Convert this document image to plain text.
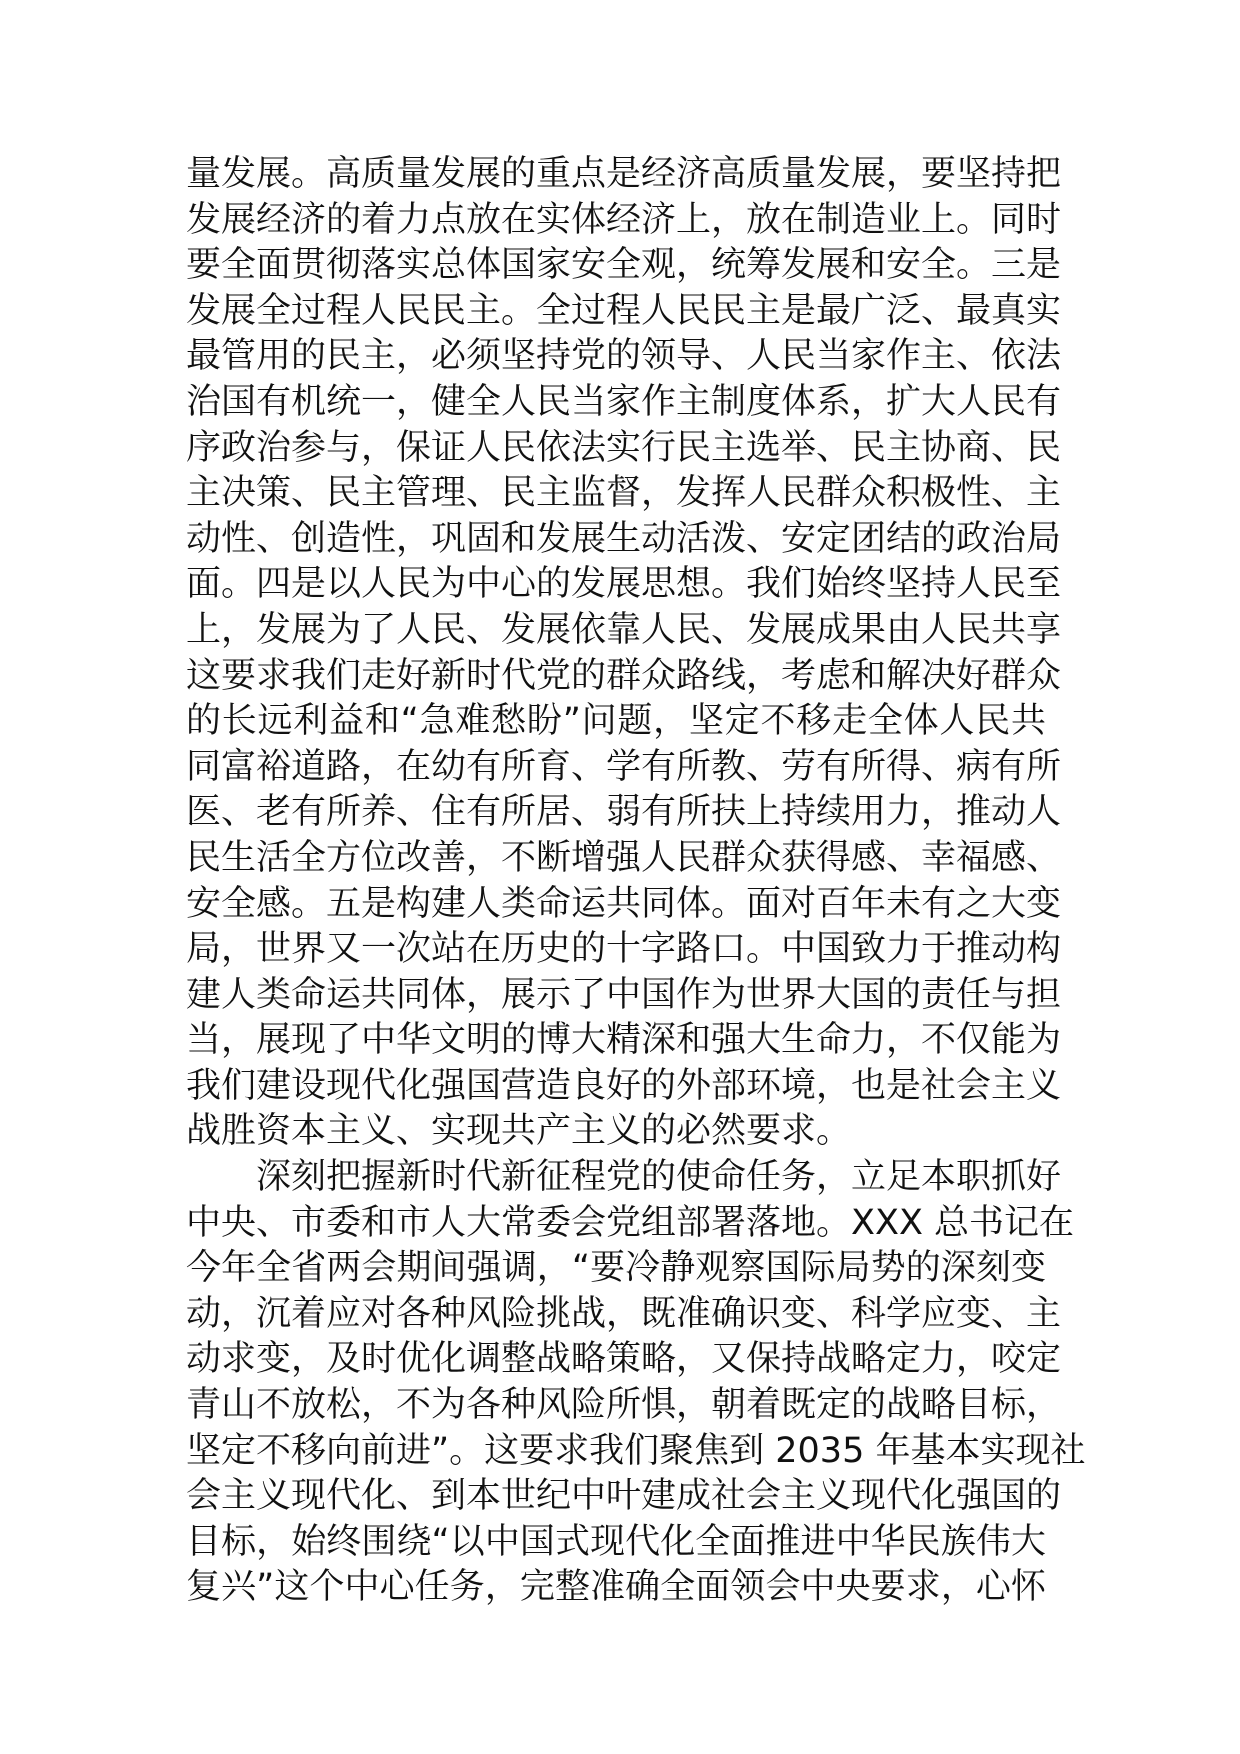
量发展。高质量发展的重点是经济高质量发展，要坚持把
发展经济的着力点放在实体经济上，放在制造业上。同时
要全面贯彻落实总体国家安全观，统筹发展和安全。三是
发展全过程人民民主。全过程人民民主是最广泛、最真实
最管用的民主，必须坚持党的领导、人民当家作主、依法
治国有机统一，健全人民当家作主制度体系，扩大人民有
序政治参与，保证人民依法实行民主选举、民主协商、民
主决策、民主管理、民主监督，发挥人民群众积极性、主
动性、创造性，巩固和发展生动活泼、安定团结的政治局
面。四是以人民为中心的发展思想。我们始终坚持人民至
上，发展为了人民、发展依靠人民、发展成果由人民共享
这要求我们走好新时代党的群众路线，考虑和解决好群众
的长远利益和“急难愁盼”问题，坚定不移走全体人民共
同富裕道路，在幼有所育、学有所教、劳有所得、病有所
医、老有所养、住有所居、弱有所扶上持续用力，推动人
民生活全方位改善，不断增强人民群众获得感、幸福感、
安全感。五是构建人类命运共同体。面对百年未有之大变
局，世界又一次站在历史的十字路口。中国致力于推动构
建人类命运共同体，展示了中国作为世界大国的责任与担
当，展现了中华文明的博大精深和强大生命力，不仅能为
我们建设现代化强国营造良好的外部环境，也是社会主义
战胜资本主义、实现共产主义的必然要求。
深刻把握新时代新征程党的使命任务，立足本职抓好
中央、市委和市人大常委会党组部署落地。XXX 总书记在
今年全省两会期间强调，“要冷静观察国际局势的深刻变
动，沉着应对各种风险挑战，既准确识变、科学应变、主
动求变，及时优化调整战略策略，又保持战略定力，咬定
青山不放松，不为各种风险所惧，朝着既定的战略目标，
坚定不移向前进”。这要求我们聚焦到 2035 年基本实现社
会主义现代化、到本世纪中叶建成社会主义现代化强国的
目标，始终围绕“以中国式现代化全面推进中华民族伟大
复兴”这个中心任务，完整准确全面领会中央要求，心怀
